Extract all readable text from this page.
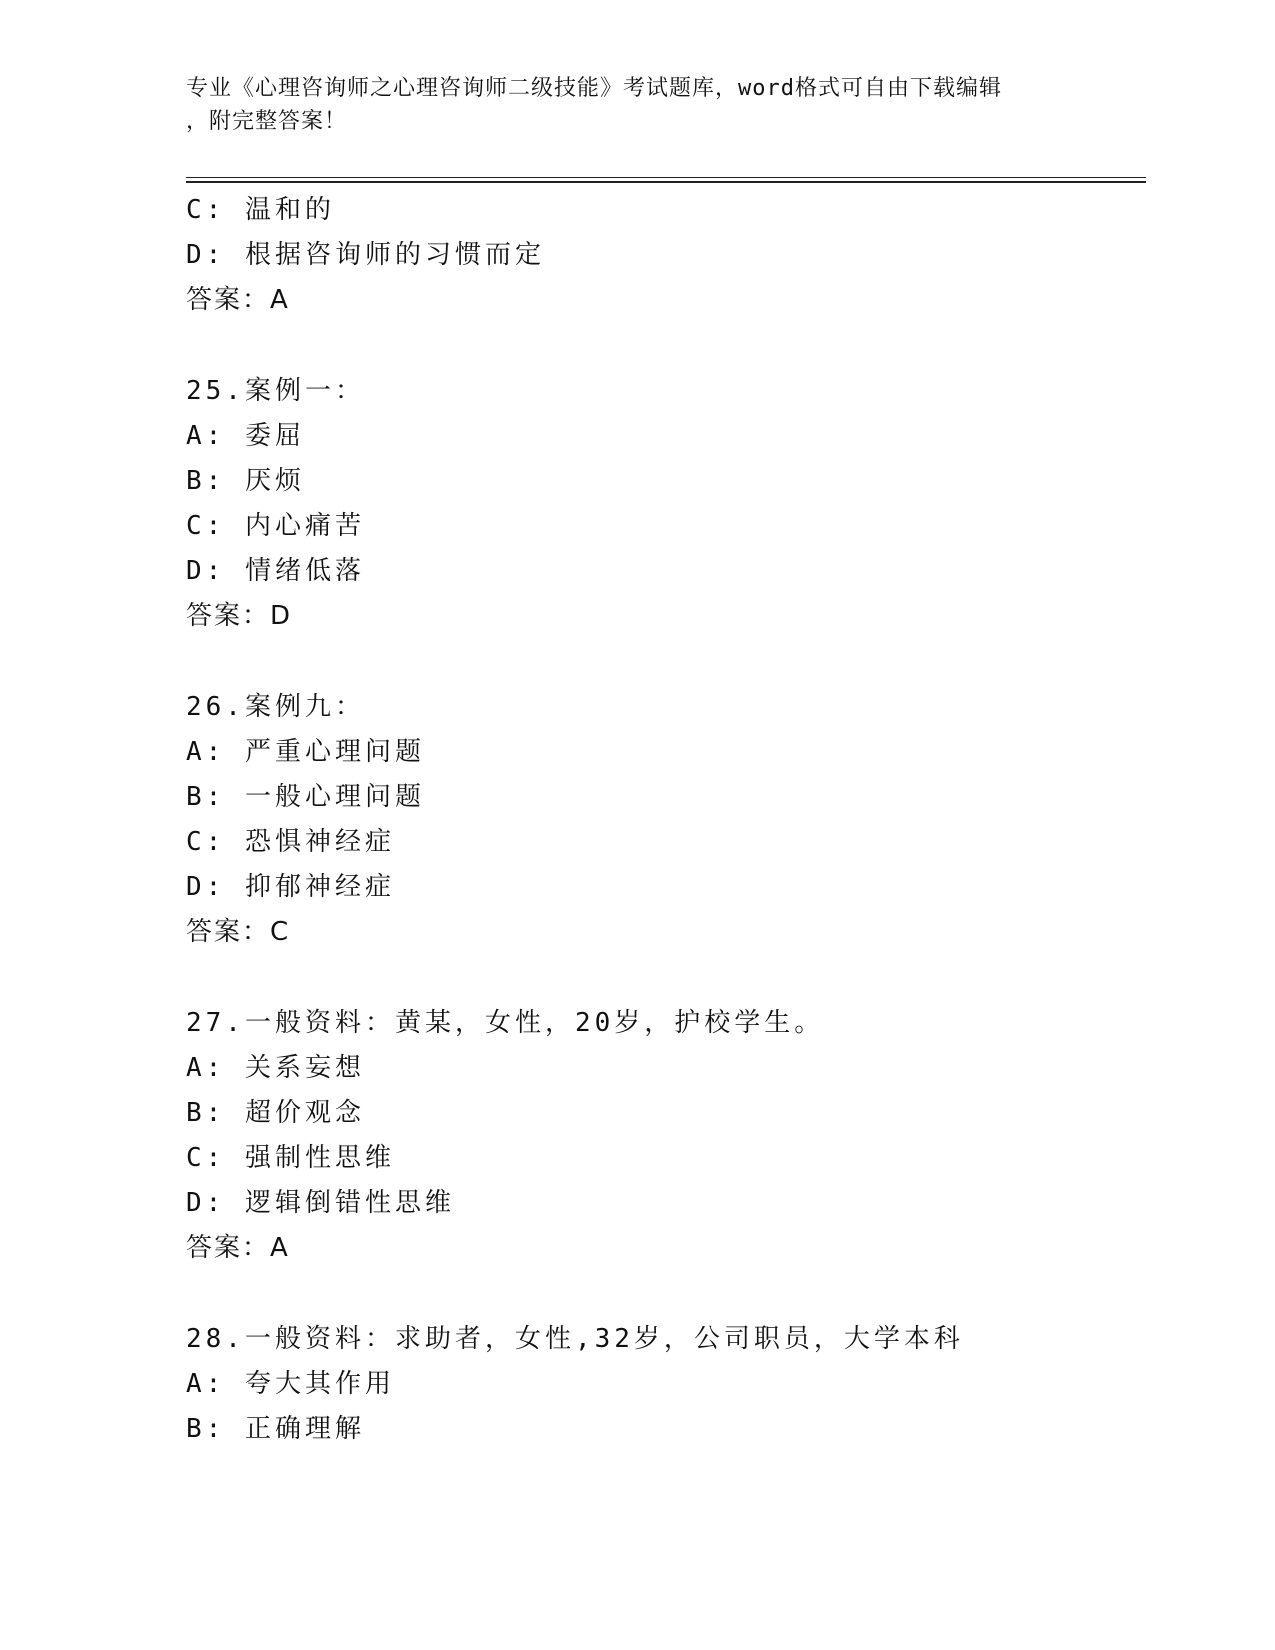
专业《心理咨询师之心理咨询师二级技能》考试题库，word格式可自由下载编辑
，附完整答案！
C: 温和的
D: 根据咨询师的习惯而定
答案：A
25.案例一：
A: 委屈
B: 厌烦
C: 内心痛苦
D: 情绪低落
答案：D
26.案例九：
A: 严重心理问题
B: 一般心理问题
C: 恐惧神经症
D: 抑郁神经症
答案：C
27.一般资料：黄某，女性，20岁，护校学生。
A: 关系妄想
B: 超价观念
C: 强制性思维
D: 逻辑倒错性思维
答案：A
28.一般资料：求助者，女性,32岁，公司职员，大学本科
A: 夸大其作用
B: 正确理解
